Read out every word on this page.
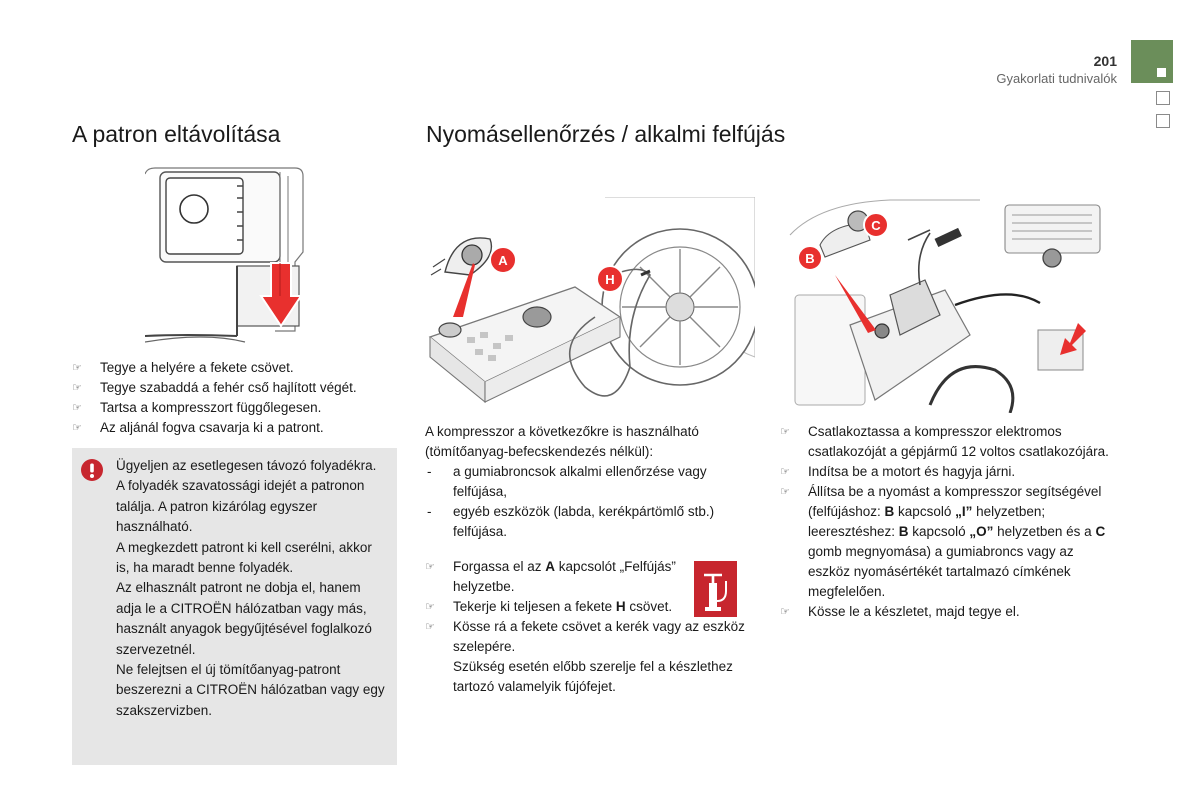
201
Gyakorlati tudnivalók
A patron eltávolítása	Nyomásellenőrzés / alkalmi felfújás
A
H
B
C
☞ Tegye a helyére a fekete csövet.
☞ Tegye szabaddá a fehér cső hajlított végét.
☞ Tartsa a kompresszort függőlegesen.
☞ Az aljánál fogva csavarja ki a patront.

Ügyeljen az esetlegesen távozó folyadékra.

A folyadék szavatossági idejét a patronon találja. A patron kizárólag egyszer használható.

A megkezdett patront ki kell cserélni, akkor is, ha maradt benne folyadék.

Az elhasznált patront ne dobja el, hanem adja le a CITROËN hálózatban vagy más, használt anyagok begyűjtésével foglalkozó szervezetnél.

Ne felejtsen el új tömítőanyag-patront beszerezni a CITROËN hálózatban vagy egy szakszervizben.

A kompresszor a következőkre is használható (tömítőanyag-befecskendezés nélkül):

- a gumiabroncsok alkalmi ellenőrzése vagy felfújása,
- egyéb eszközök (labda, kerékpártömlő stb.) felfújása.
☞ Forgassa el az A kapcsolót „Felfújás” helyzetbe.
☞ Tekerje ki teljesen a fekete H csövet.
☞ Kösse rá a fekete csövet a kerék vagy az eszköz szelepére.
Szükség esetén előbb szerelje fel a készlethez tartozó valamelyik fújófejet.
☞ Csatlakoztassa a kompresszor elektromos csatlakozóját a gépjármű 12 voltos csatlakozójára.
☞ Indítsa be a motort és hagyja járni.
☞ Állítsa be a nyomást a kompresszor segítségével (felfújáshoz: B kapcsoló „I” helyzetben; leeresztéshez: B kapcsoló „O” helyzetben és a C gomb megnyomása) a gumiabroncs vagy az eszköz nyomásértékét tartalmazó címkének megfelelően.
☞ Kösse le a készletet, majd tegye el.
